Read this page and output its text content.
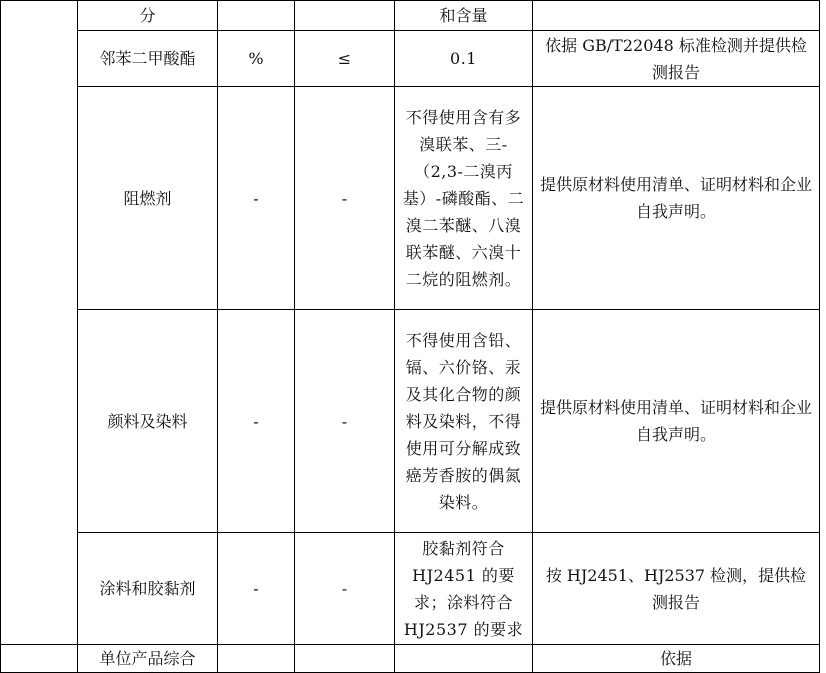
	分			和含量	
	邻苯二甲酸酯	%	≤	0.1	依据 GB/T22048 标准检测并提供检测报告
	阻燃剂	-	-	不得使用含有多溴联苯、三-（2,3-二溴丙基）-磷酸酯、二溴二苯醚、八溴联苯醚、六溴十二烷的阻燃剂。	提供原材料使用清单、证明材料和企业自我声明。
	颜料及染料	-	-	不得使用含铅、镉、六价铬、汞及其化合物的颜料及染料，不得使用可分解成致癌芳香胺的偶氮染料。	提供原材料使用清单、证明材料和企业自我声明。
	涂料和胶黏剂	-	-	胶黏剂符合 HJ2451 的要求；涂料符合 HJ2537 的要求	按 HJ2451、HJ2537 检测，提供检测报告
	单位产品综合				依据
